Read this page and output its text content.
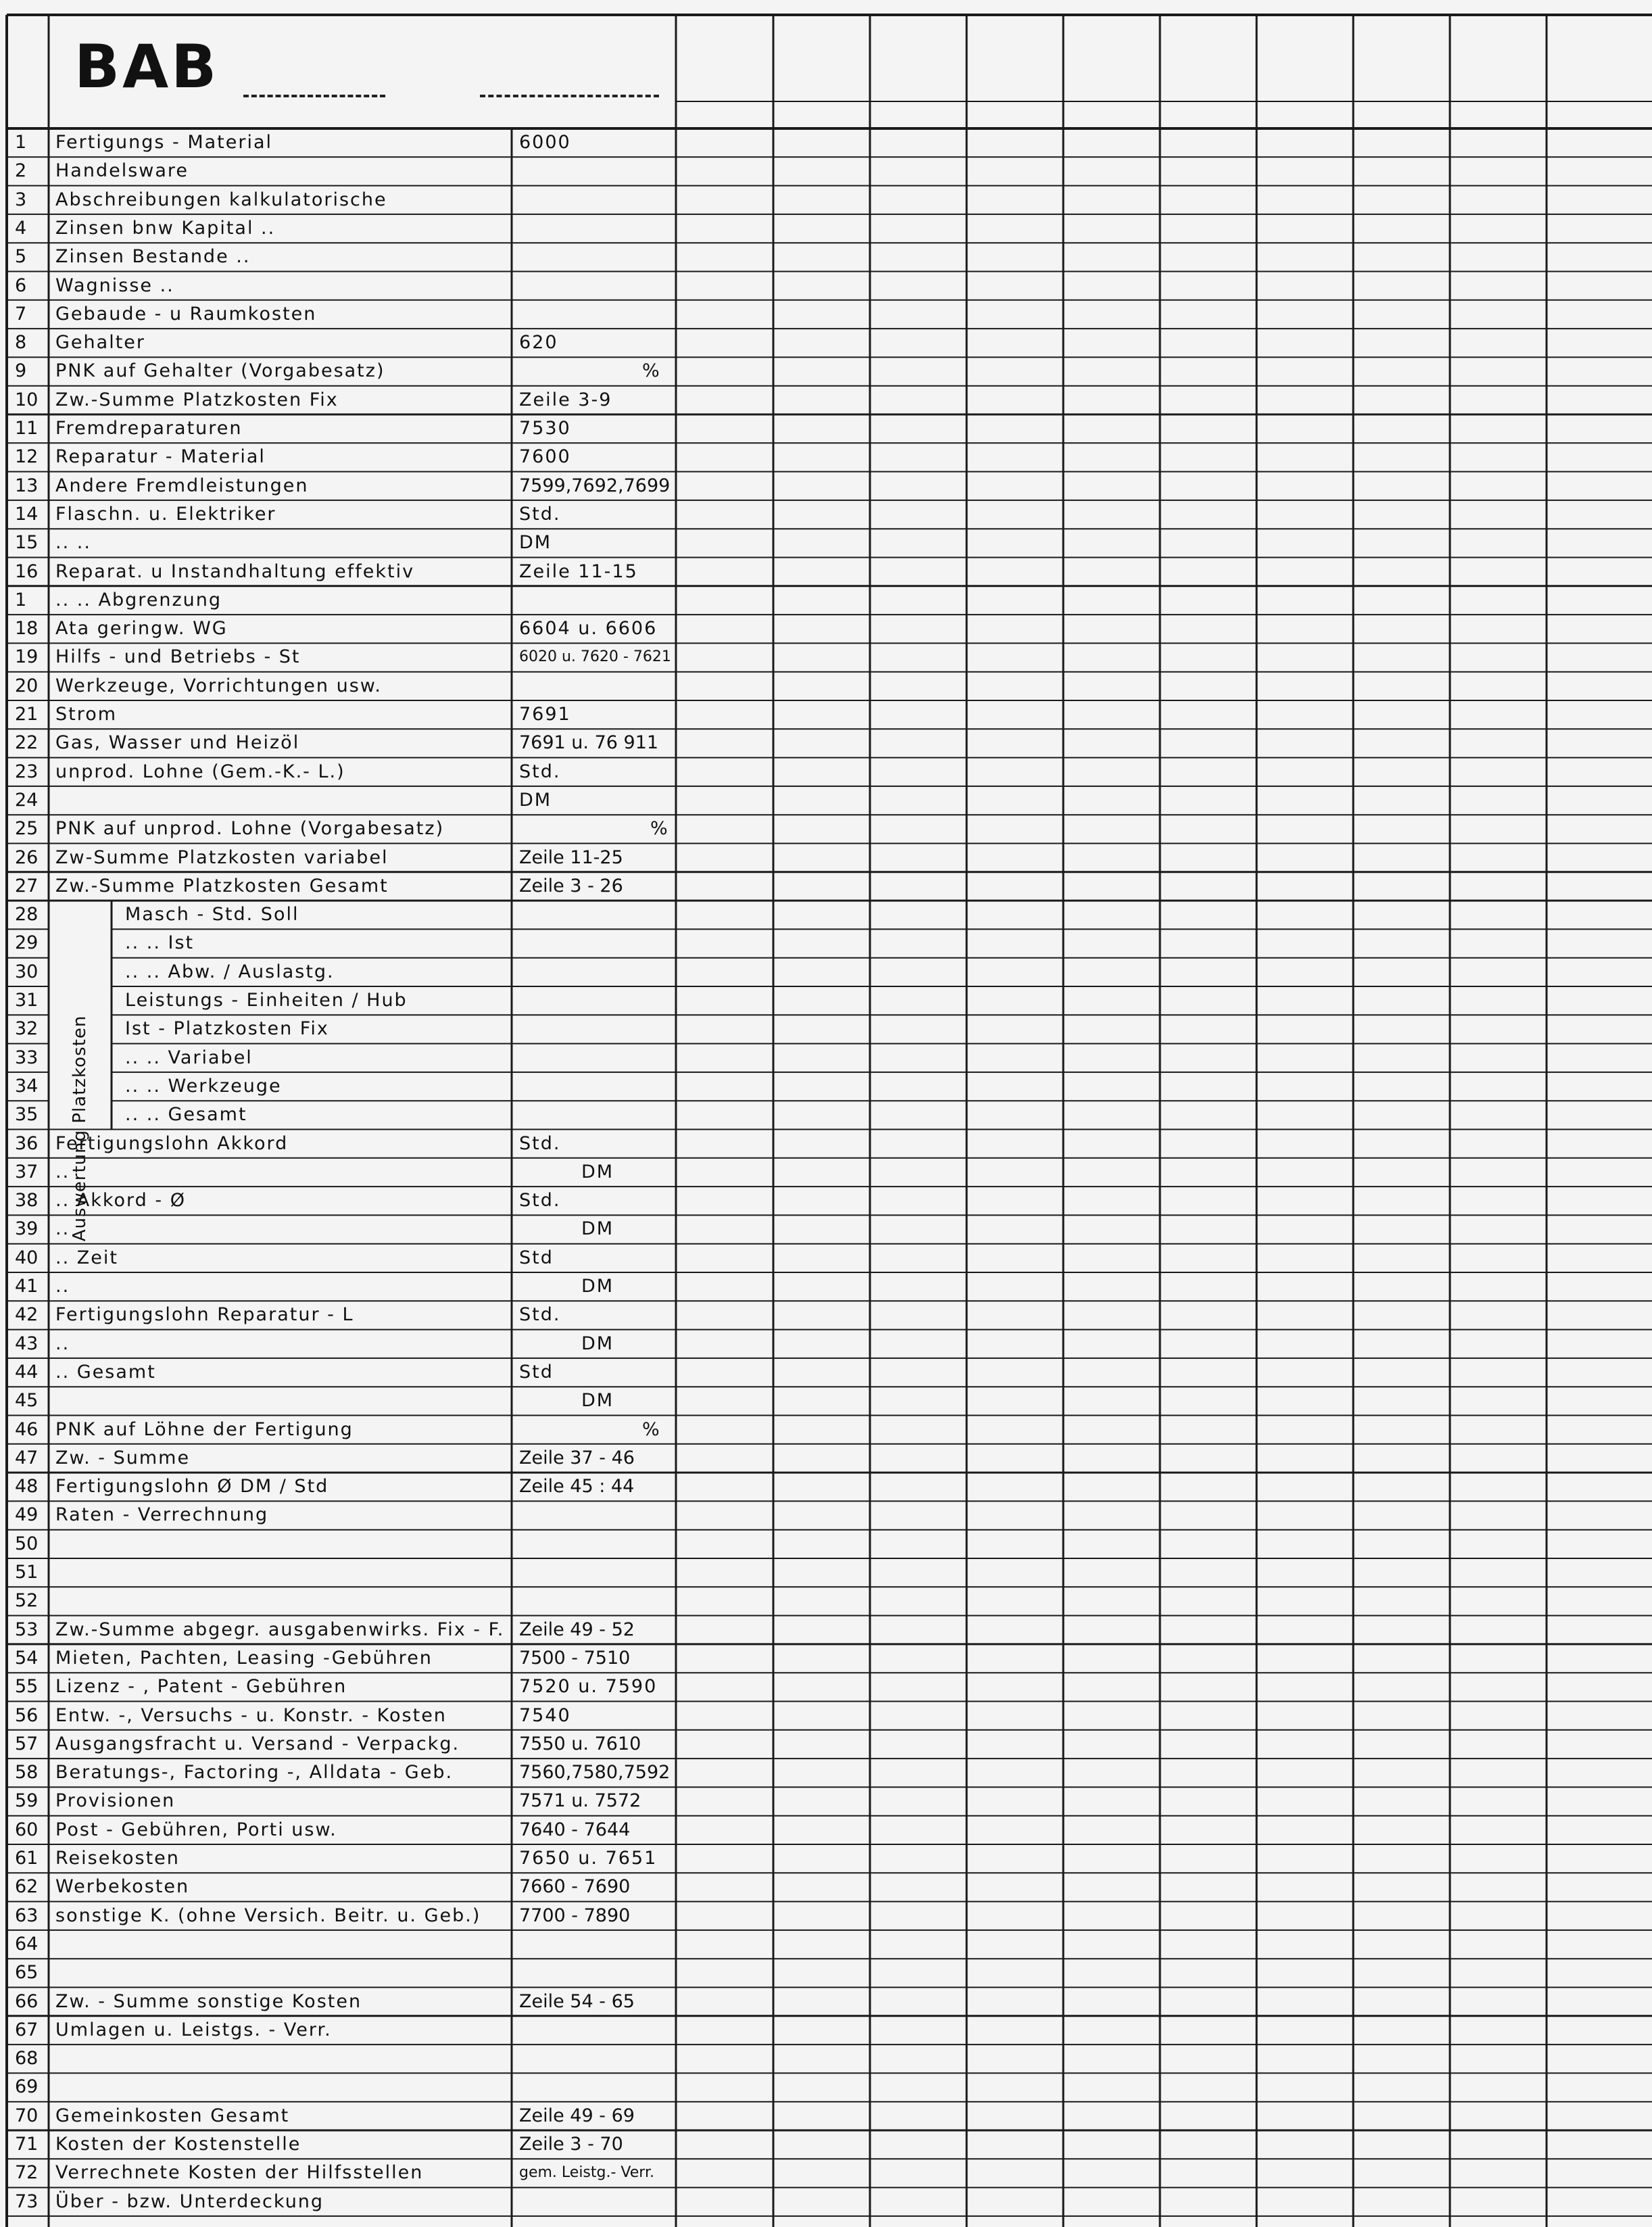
BAB
Auswertung Platzkosten
1	Fertigungs - Material	6000
2	Handelsware
3	Abschreibungen kalkulatorische
4	Zinsen bnw Kapital ..
5	Zinsen Bestande ..
6	Wagnisse ..
7	Gebaude - u Raumkosten
8	Gehalter	620
9	PNK auf Gehalter (Vorgabesatz)	%
10 Zw.-Summe Platzkosten Fix	Zeile 3-9
11 Fremdreparaturen	7530
12 Reparatur - Material	7600
13 Andere Fremdleistungen	7599,7692,7699
14 Flaschn. u. Elektriker	Std.
15 .. ..	DM
16 Reparat. u Instandhaltung effektiv	Zeile 11-15
1	.. .. Abgrenzung
18 Ata geringw. WG	6604 u. 6606
19 Hilfs - und Betriebs - St	6020 u. 7620 - 7621
20 Werkzeuge, Vorrichtungen usw.
21 Strom	7691
22 Gas, Wasser und Heizöl	7691 u. 76 911
23 unprod. Lohne (Gem.-K.- L.)	Std.
24	DM
25 PNK auf unprod. Lohne (Vorgabesatz)	%
26 Zw-Summe Platzkosten variabel	Zeile 11-25
27 Zw.-Summe Platzkosten Gesamt	Zeile 3 - 26
28	Masch - Std. Soll
29	.. .. Ist
30	.. .. Abw. / Auslastg.
31	Leistungs - Einheiten / Hub
32	Ist - Platzkosten Fix
33	.. .. Variabel
34	.. .. Werkzeuge
35	.. .. Gesamt
36 Fertigungslohn Akkord	Std.
37 ..	DM
38 .. Akkord - Ø	Std.
39 ..	DM
40 .. Zeit	Std
41 ..	DM
42 Fertigungslohn Reparatur - L	Std.
43 ..	DM
44 .. Gesamt	Std
45	DM
46 PNK auf Löhne der Fertigung	%
47 Zw. - Summe	Zeile 37 - 46
48 Fertigungslohn Ø DM / Std	Zeile 45 : 44
49 Raten - Verrechnung
50
51
52
53 Zw.-Summe abgegr. ausgabenwirks. Fix - F. Zeile 49 - 52
54 Mieten, Pachten, Leasing -Gebühren	7500 - 7510
55 Lizenz - , Patent - Gebühren	7520 u. 7590
56 Entw. -, Versuchs - u. Konstr. - Kosten	7540
57 Ausgangsfracht u. Versand - Verpackg.	7550 u. 7610
58 Beratungs-, Factoring -, Alldata - Geb.	7560,7580,7592
59 Provisionen	7571 u. 7572
60 Post - Gebühren, Porti usw.	7640 - 7644
61 Reisekosten	7650 u. 7651
62 Werbekosten	7660 - 7690
63 sonstige K. (ohne Versich. Beitr. u. Geb.) 7700 - 7890
64
65
66 Zw. - Summe sonstige Kosten	Zeile 54 - 65
67 Umlagen u. Leistgs. - Verr.
68
69
70 Gemeinkosten Gesamt	Zeile 49 - 69
71 Kosten der Kostenstelle	Zeile 3 - 70
72 Verrechnete Kosten der Hilfsstellen	gem. Leistg.- Verr.
73 Über - bzw. Unterdeckung
